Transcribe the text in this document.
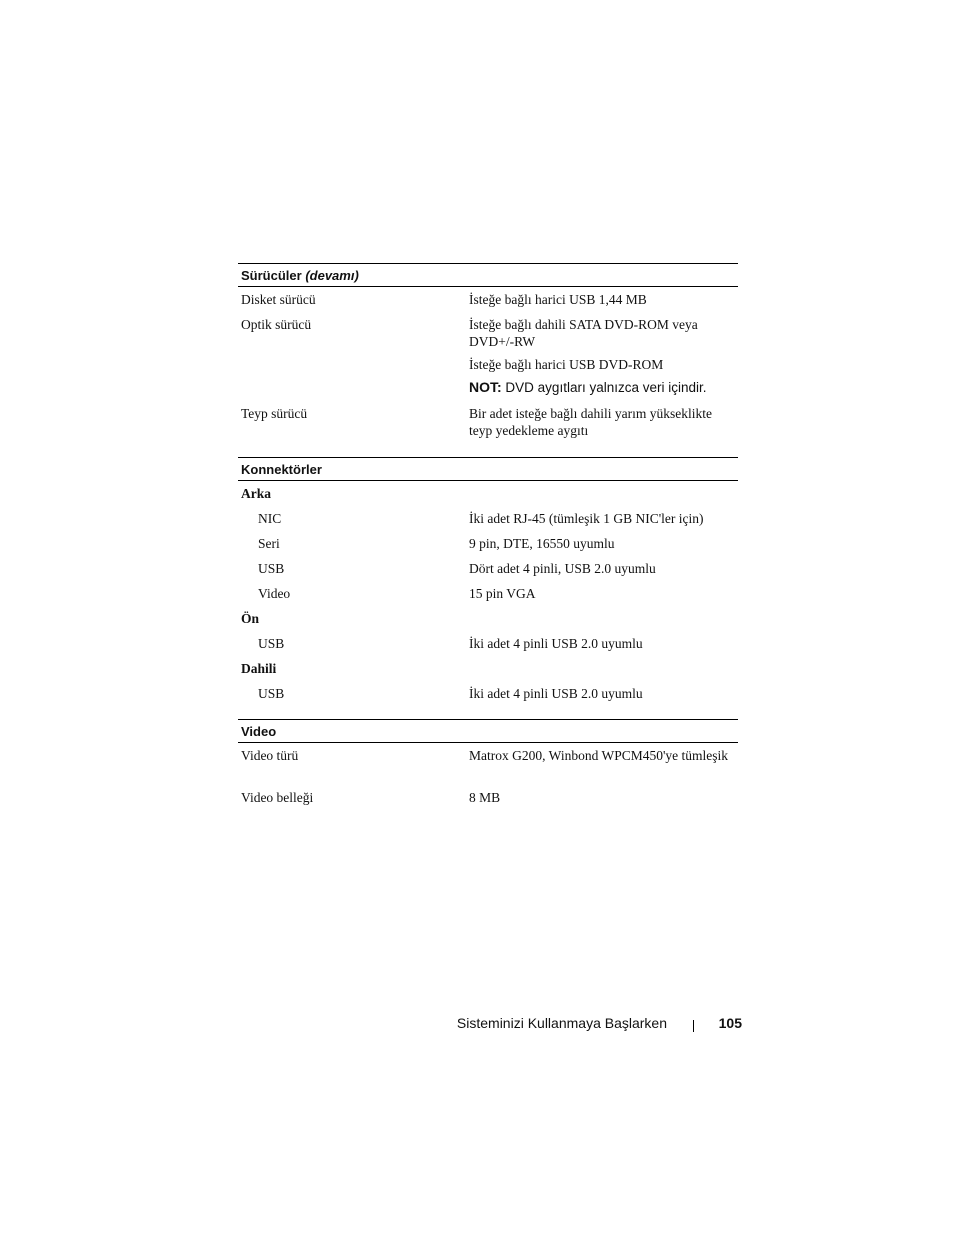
Sürücüler (devamı)
Disket sürücü	İsteğe bağlı harici USB 1,44 MB
Optik sürücü	İsteğe bağlı dahili SATA DVD-ROM veya DVD+/-RW
İsteğe bağlı harici USB DVD-ROM
NOT: DVD aygıtları yalnızca veri içindir.
Teyp sürücü	Bir adet isteğe bağlı dahili yarım yükseklikte teyp yedekleme aygıtı
Konnektörler
Arka
NIC	İki adet RJ-45 (tümleşik 1 GB NIC'ler için)
Seri	9 pin, DTE, 16550 uyumlu
USB	Dört adet 4 pinli, USB 2.0 uyumlu
Video	15 pin VGA
Ön
USB	İki adet 4 pinli USB 2.0 uyumlu
Dahili
USB	İki adet 4 pinli USB 2.0 uyumlu
Video
Video türü	Matrox G200, Winbond WPCM450'ye tümleşik
Video belleği	8 MB
Sisteminizi Kullanmaya Başlarken	105
